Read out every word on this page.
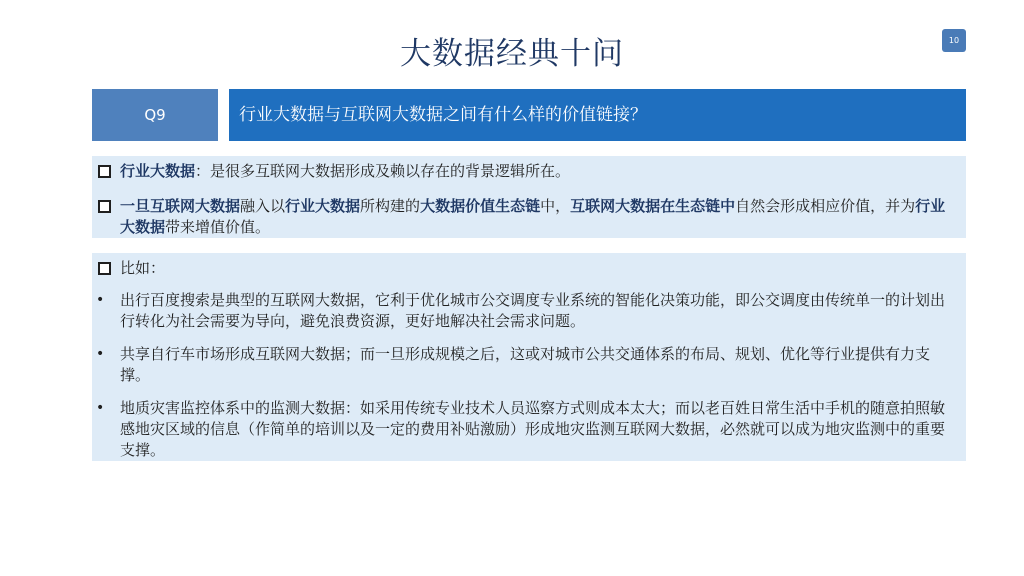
大数据经典十问	10
Q9	行业大数据与互联网大数据之间有什么样的价值链接？
行业大数据：是很多互联网大数据形成及赖以存在的背景逻辑所在。
一旦互联网大数据融入以行业大数据所构建的大数据价值生态链中，互联网大数据在生态链中自然会形成相应价值，并为行业大数据带来增值价值。
比如：
• 出行百度搜索是典型的互联网大数据，它利于优化城市公交调度专业系统的智能化决策功能，即公交调度由传统单一的计划出行转化为社会需要为导向，避免浪费资源，更好地解决社会需求问题。
• 共享自行车市场形成互联网大数据；而一旦形成规模之后，这或对城市公共交通体系的布局、规划、优化等行业提供有力支撑。
• 地质灾害监控体系中的监测大数据：如采用传统专业技术人员巡察方式则成本太大；而以老百姓日常生活中手机的随意拍照敏感地灾区域的信息（作简单的培训以及一定的费用补贴激励）形成地灾监测互联网大数据，必然就可以成为地灾监测中的重要支撑。
